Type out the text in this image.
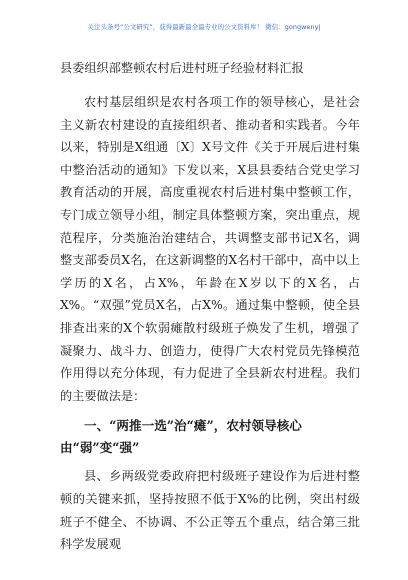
关注头条号“公文研究”，获得最新最全最专业的公文资料库！ 微信：gongwenyj
县委组织部整顿农村后进村班子经验材料汇报

农村基层组织是农村各项工作的领导核心，是社会主义新农村建设的直接组织者、推动者和实践者。今年以来，特别是X组通〔X〕X号文件《关于开展后进村集中整治活动的通知》下发以来，X县县委结合党史学习教育活动的开展，高度重视农村后进村集中整顿工作，专门成立领导小组，制定具体整顿方案，突出重点，规范程序，分类施治治建结合，共调整支部书记X名，调整支部委员X名，在这新调整的X名村干部中，高中以上学历的X名，占X%，年龄在X岁以下的X名，占X%。“双强”党员X名，占X%。通过集中整顿，使全县排查出来的X个软弱瘫散村级班子焕发了生机，增强了凝聚力、战斗力、创造力，使得广大农村党员先锋模范作用得以充分体现，有力促进了全县新农村进程。我们的主要做法是：

一、“两推一选”治“瘫”，农村领导核心由“弱”变“强”

县、乡两级党委政府把村级班子建设作为后进村整顿的关键来抓，坚持按照不低于X%的比例，突出村级班子不健全、不协调、不公正等五个重点，结合第三批科学发展观
